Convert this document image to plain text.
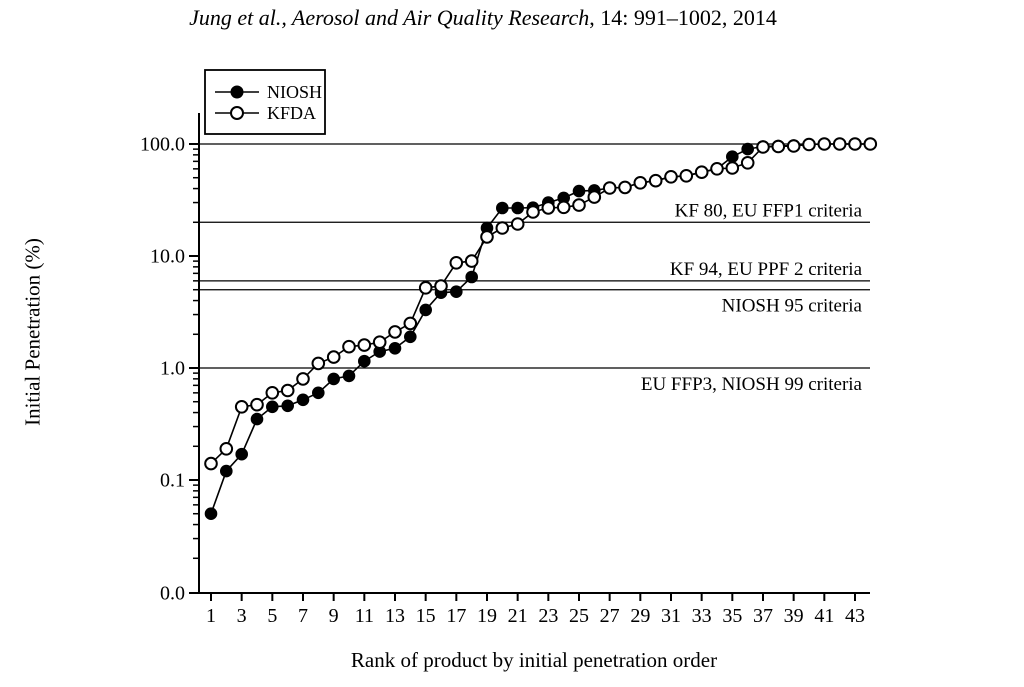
Jung et al., Aerosol and Air Quality Research, 14: 991–1002, 2014
KF 80, EU FFP1 criteria
KF 94, EU PPF 2 criteria
NIOSH 95 criteria
EU FFP3, NIOSH 99 criteria
100.0
10.0
1.0
0.1
0.0
1 3 5 7 9 11 13 15 17 19 21 23 25 27 29 31 33 35 37 39 41 43
NIOSH
KFDA
Initial Penetration (%)
Rank of product by initial penetration order
